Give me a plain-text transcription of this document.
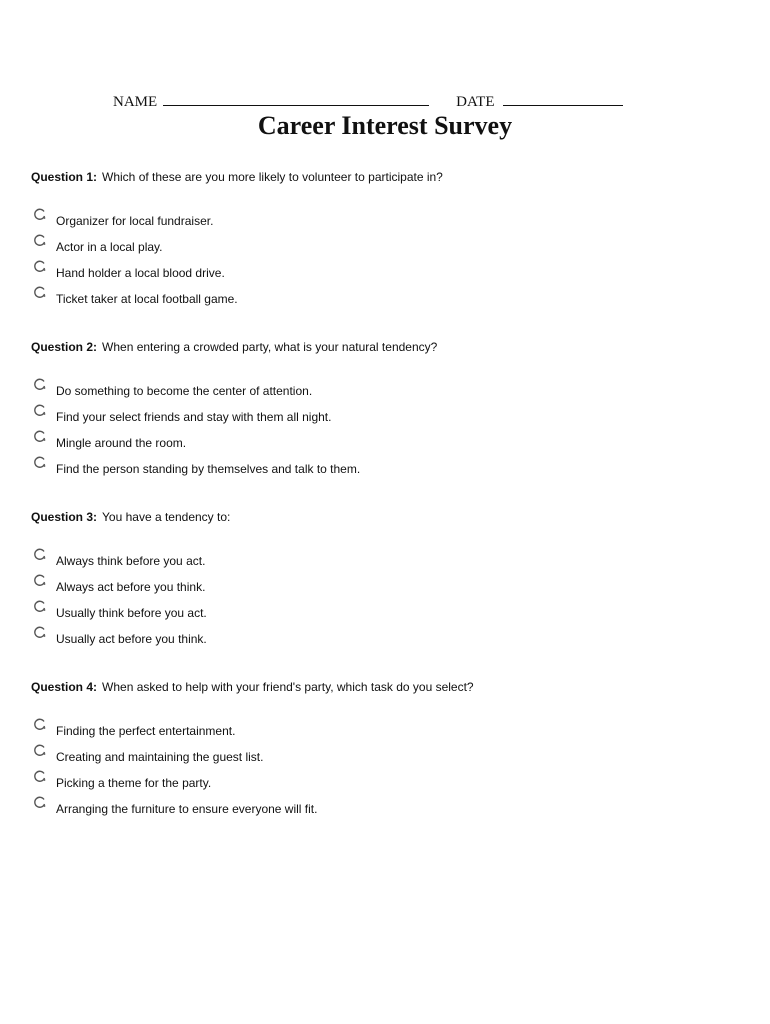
NAME	DATE
Career Interest Survey
Question 1: Which of these are you more likely to volunteer to participate in?
Organizer for local fundraiser.
Actor in a local play.
Hand holder a local blood drive.
Ticket taker at local football game.
Question 2: When entering a crowded party, what is your natural tendency?
Do something to become the center of attention.
Find your select friends and stay with them all night.
Mingle around the room.
Find the person standing by themselves and talk to them.
Question 3: You have a tendency to:
Always think before you act.
Always act before you think.
Usually think before you act.
Usually act before you think.
Question 4: When asked to help with your friend's party, which task do you select?
Finding the perfect entertainment.
Creating and maintaining the guest list.
Picking a theme for the party.
Arranging the furniture to ensure everyone will fit.
